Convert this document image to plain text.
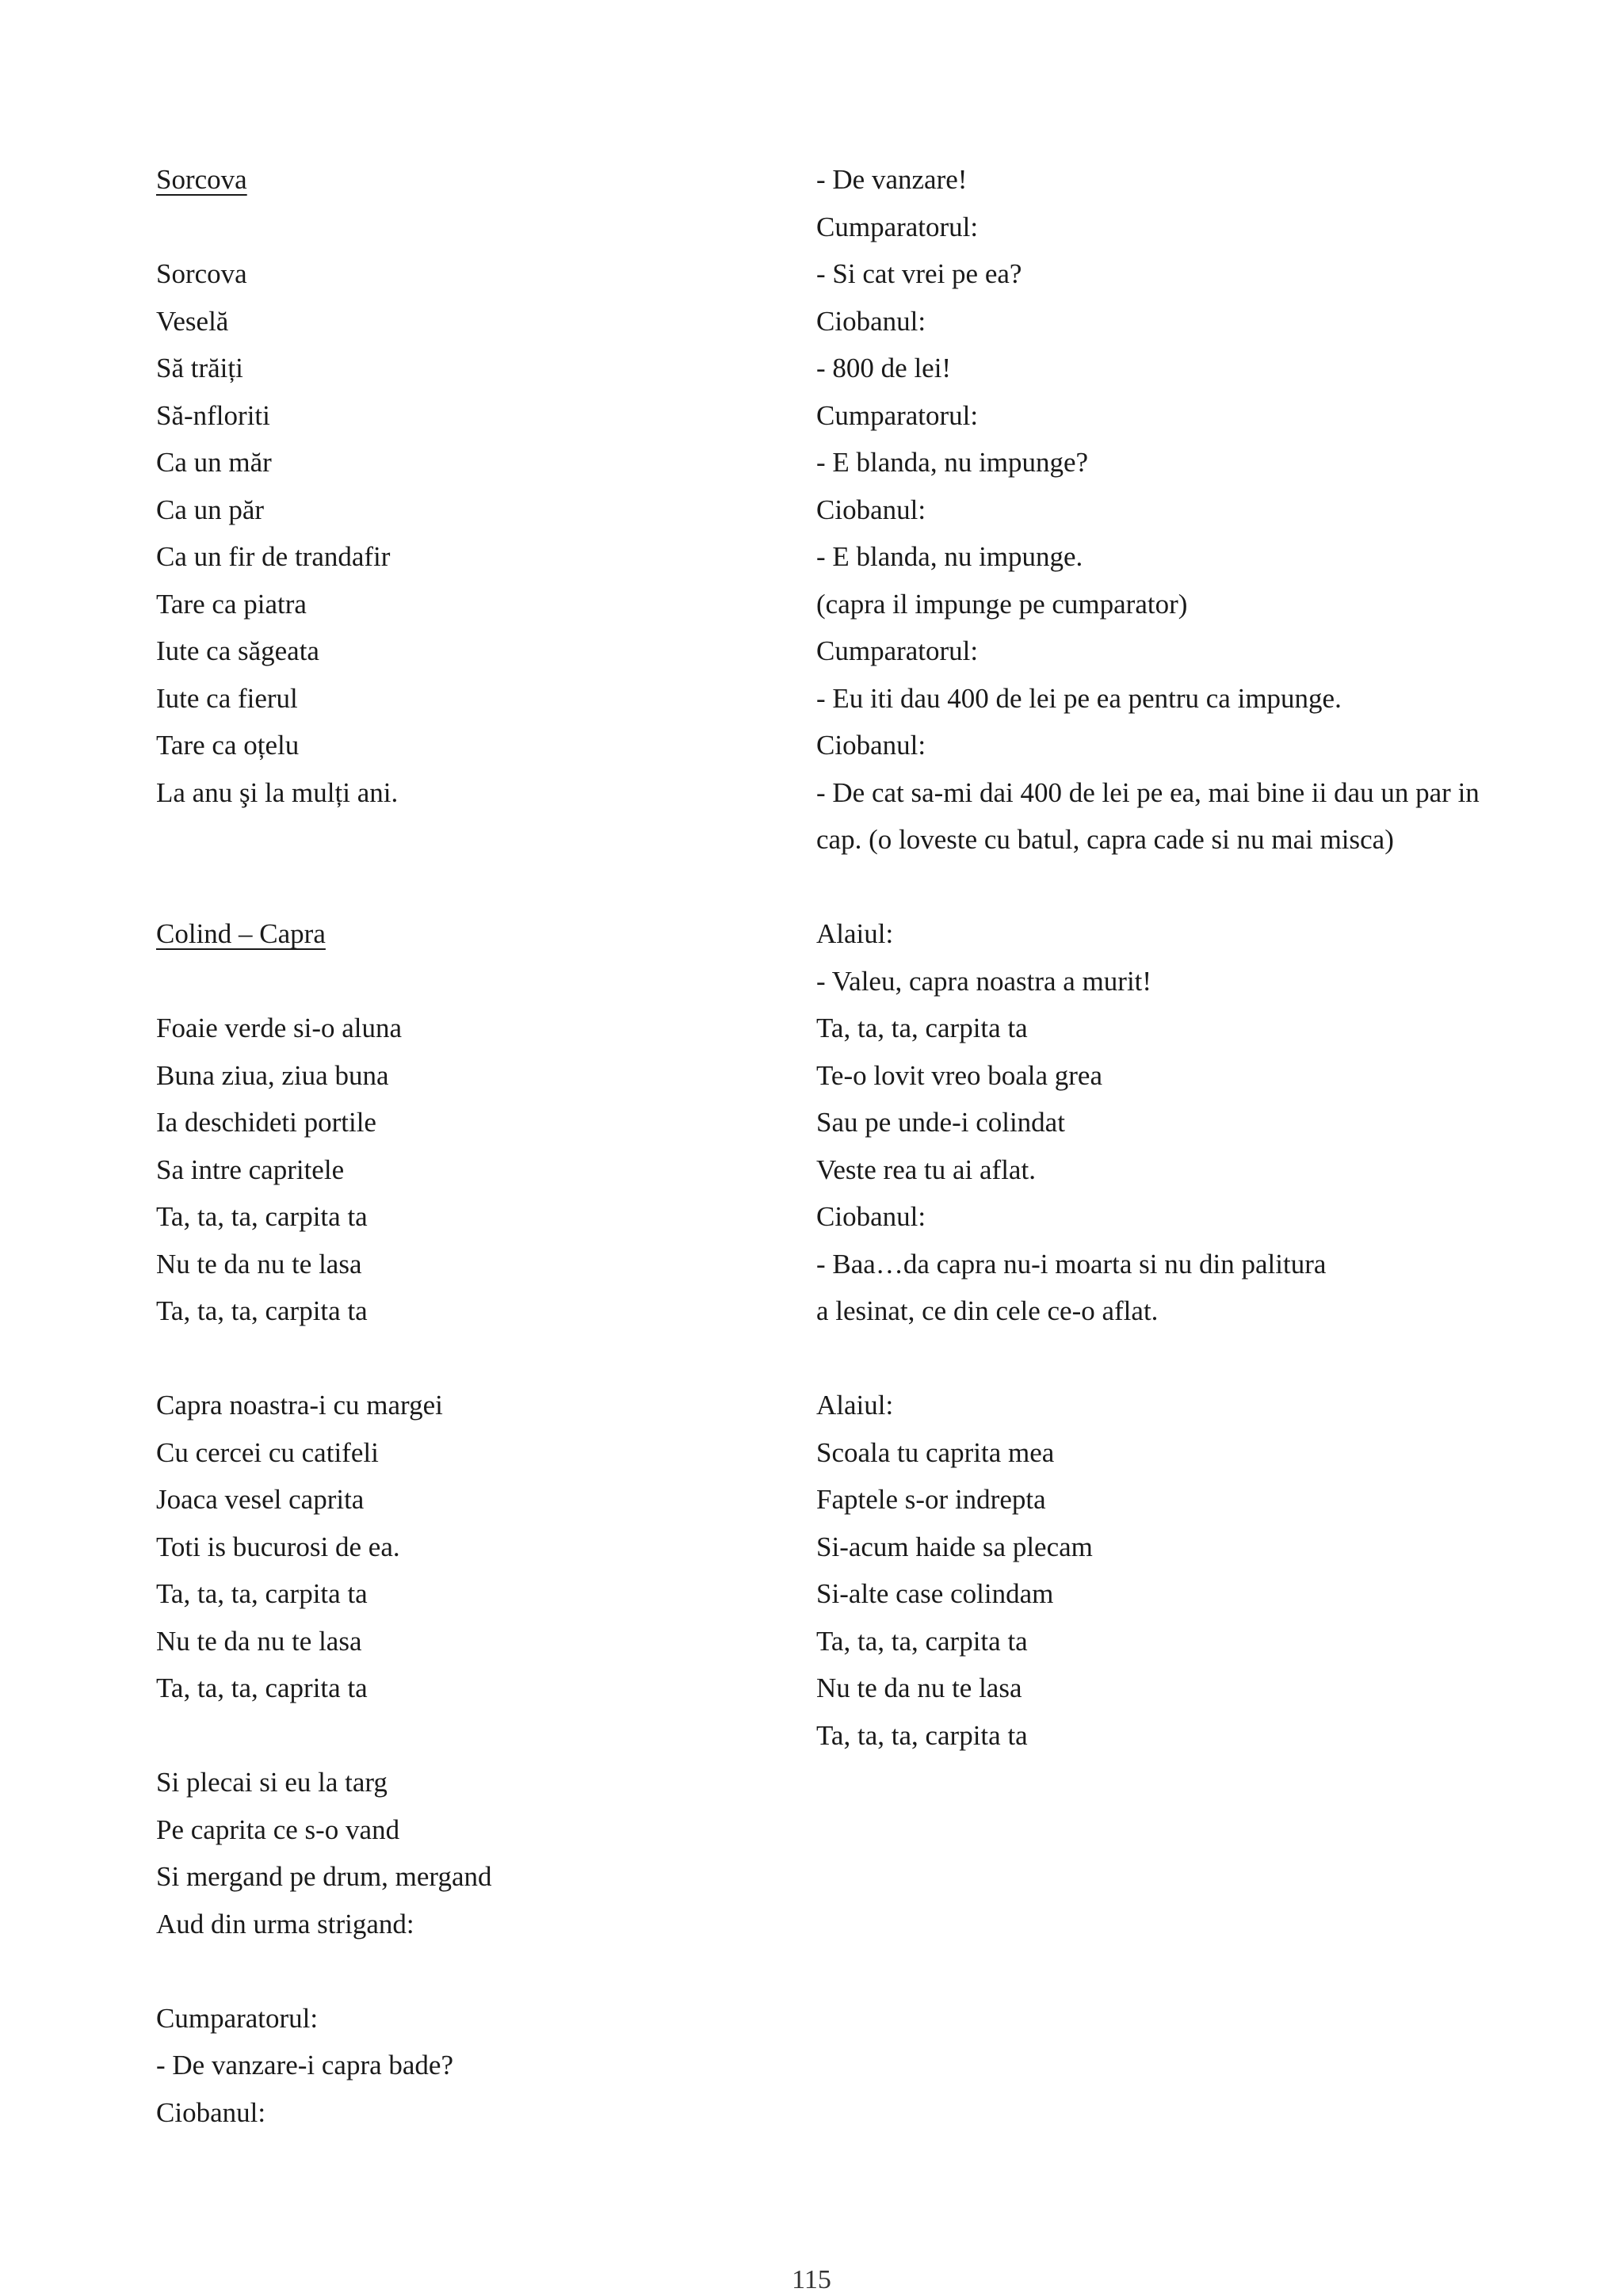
Sorcova
Sorcova
Veselă
Să trăiți
Să-nfloriti
Ca un măr
Ca un păr
Ca un fir de trandafir
Tare ca piatra
Iute ca săgeata
Iute ca fierul
Tare ca oțelu
La anu şi la mulți ani.
Colind – Capra
Foaie verde si-o aluna
Buna ziua, ziua buna
Ia deschideti portile
Sa intre capritele
Ta, ta, ta, carpita ta
Nu te da nu te lasa
Ta, ta, ta, carpita ta
Capra noastra-i cu margei
Cu cercei cu catifeli
Joaca vesel caprita
Toti is bucurosi de ea.
Ta, ta, ta, carpita ta
Nu te da nu te lasa
Ta, ta, ta, caprita ta
Si plecai si eu la targ
Pe caprita ce s-o vand
Si mergand pe drum, mergand
Aud din urma strigand:
Cumparatorul:
- De vanzare-i capra bade?
Ciobanul:
- De vanzare!
Cumparatorul:
- Si cat vrei pe ea?
Ciobanul:
- 800 de lei!
Cumparatorul:
- E blanda, nu impunge?
Ciobanul:
- E blanda, nu impunge.
(capra il impunge pe cumparator)
Cumparatorul:
- Eu iti dau 400 de lei pe ea pentru ca impunge.
Ciobanul:
- De cat sa-mi dai 400 de lei pe ea, mai bine ii dau un par in cap. (o loveste cu batul, capra cade si nu mai misca)
Alaiul:
- Valeu, capra noastra a murit!
Ta, ta, ta, carpita ta
Te-o lovit vreo boala grea
Sau pe unde-i colindat
Veste rea tu ai aflat.
Ciobanul:
- Baa…da capra nu-i moarta si nu din palitura
a lesinat, ce din cele ce-o aflat.
Alaiul:
Scoala tu caprita mea
Faptele s-or indrepta
Si-acum haide sa plecam
Si-alte case colindam
Ta, ta, ta, carpita ta
Nu te da nu te lasa
Ta, ta, ta, carpita ta
115
